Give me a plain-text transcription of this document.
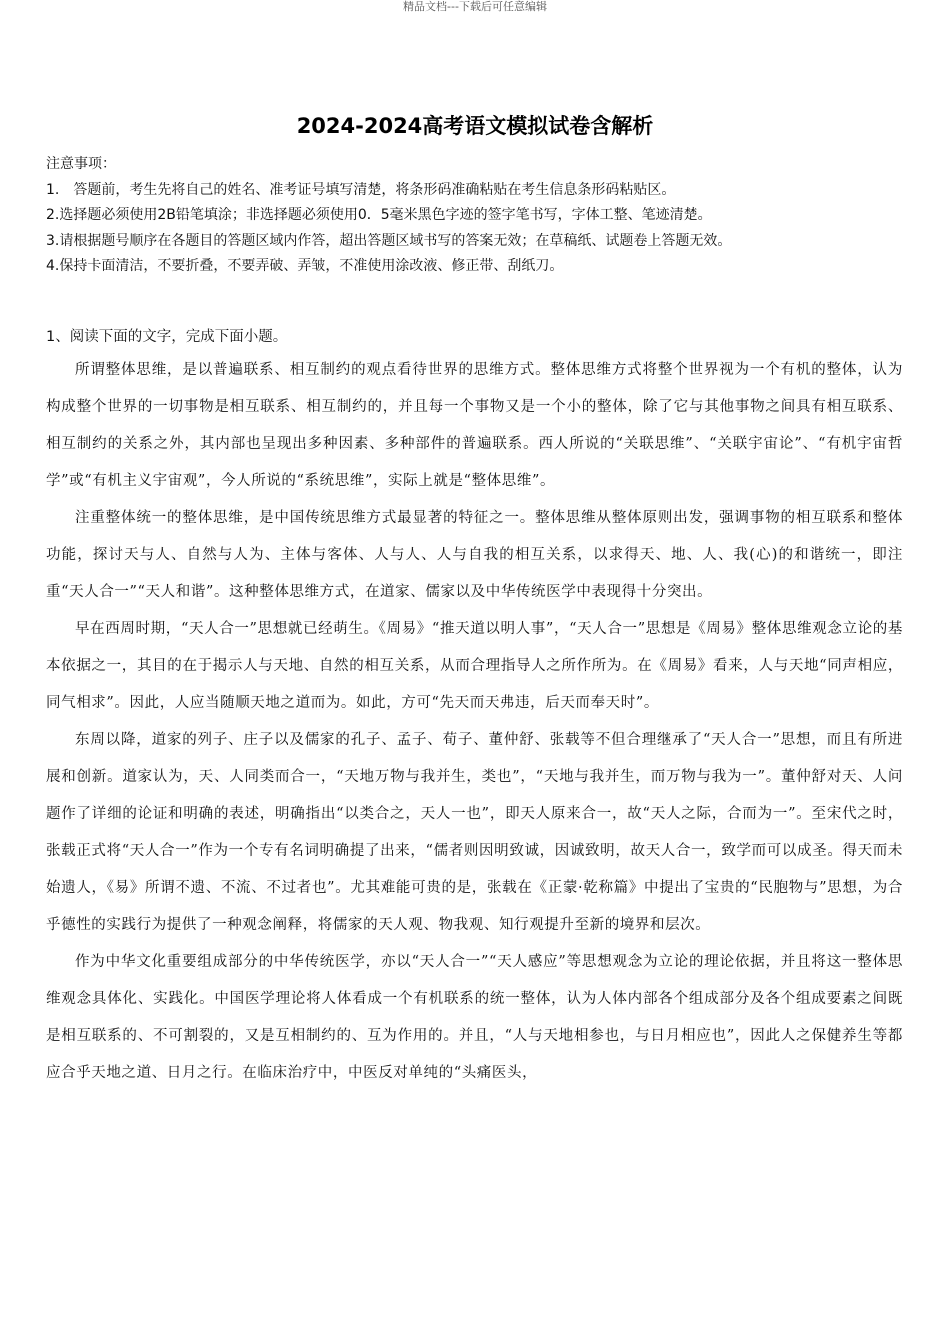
精品文档---下载后可任意编辑

2024-2024高考语文模拟试卷含解析

注意事项：

1.　答题前，考生先将自己的姓名、准考证号填写清楚，将条形码准确粘贴在考生信息条形码粘贴区。

2.选择题必须使用2B铅笔填涂；非选择题必须使用0．5毫米黑色字迹的签字笔书写，字体工整、笔迹清楚。

3.请根据题号顺序在各题目的答题区域内作答，超出答题区域书写的答案无效；在草稿纸、试题卷上答题无效。

4.保持卡面清洁，不要折叠，不要弄破、弄皱，不准使用涂改液、修正带、刮纸刀。

1、阅读下面的文字，完成下面小题。

所谓整体思维，是以普遍联系、相互制约的观点看待世界的思维方式。整体思维方式将整个世界视为一个有机的整体，认为构成整个世界的一切事物是相互联系、相互制约的，并且每一个事物又是一个小的整体，除了它与其他事物之间具有相互联系、相互制约的关系之外，其内部也呈现出多种因素、多种部件的普遍联系。西人所说的“关联思维”、“关联宇宙论”、“有机宇宙哲学”或“有机主义宇宙观”，今人所说的“系统思维”，实际上就是“整体思维”。

注重整体统一的整体思维，是中国传统思维方式最显著的特征之一。整体思维从整体原则出发，强调事物的相互联系和整体功能，探讨天与人、自然与人为、主体与客体、人与人、人与自我的相互关系，以求得天、地、人、我(心)的和谐统一，即注重“天人合一”“天人和谐”。这种整体思维方式，在道家、儒家以及中华传统医学中表现得十分突出。

早在西周时期，“天人合一”思想就已经萌生。《周易》“推天道以明人事”，“天人合一”思想是《周易》整体思维观念立论的基本依据之一，其目的在于揭示人与天地、自然的相互关系，从而合理指导人之所作所为。在《周易》看来，人与天地“同声相应，同气相求”。因此，人应当随顺天地之道而为。如此，方可“先天而天弗违，后天而奉天时”。

东周以降，道家的列子、庄子以及儒家的孔子、孟子、荀子、董仲舒、张载等不但合理继承了“天人合一”思想，而且有所进展和创新。道家认为，天、人同类而合一，“天地万物与我并生，类也”，“天地与我并生，而万物与我为一”。董仲舒对天、人问题作了详细的论证和明确的表述，明确指出“以类合之，天人一也”，即天人原来合一，故“天人之际，合而为一”。至宋代之时，张载正式将“天人合一”作为一个专有名词明确提了出来，“儒者则因明致诚，因诚致明，故天人合一，致学而可以成圣。得天而未始遗人，《易》所谓不遗、不流、不过者也”。尤其难能可贵的是，张载在《正蒙·乾称篇》中提出了宝贵的“民胞物与”思想，为合乎德性的实践行为提供了一种观念阐释，将儒家的天人观、物我观、知行观提升至新的境界和层次。

作为中华文化重要组成部分的中华传统医学，亦以“天人合一”“天人感应”等思想观念为立论的理论依据，并且将这一整体思维观念具体化、实践化。中国医学理论将人体看成一个有机联系的统一整体，认为人体内部各个组成部分及各个组成要素之间既是相互联系的、不可割裂的，又是互相制约的、互为作用的。并且，“人与天地相参也，与日月相应也”，因此人之保健养生等都应合乎天地之道、日月之行。在临床治疗中，中医反对单纯的“头痛医头，
